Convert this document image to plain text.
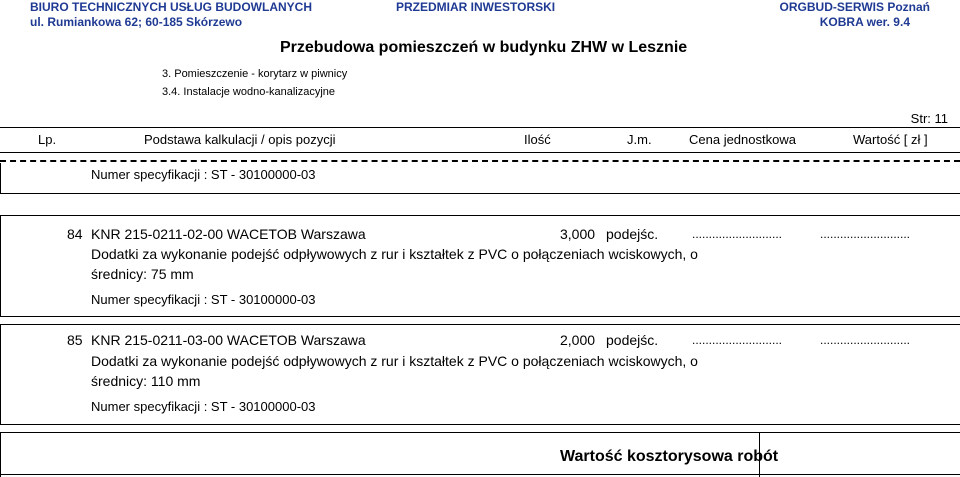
BIURO TECHNICZNYCH USŁUG BUDOWLANYCH
ul. Rumiankowa 62; 60-185 Skórzewo
PRZEDMIAR INWESTORSKI	ORGBUD-SERWIS Poznań
KOBRA wer. 9.4
Przebudowa pomieszczeń w budynku ZHW w Lesznie
3. Pomieszczenie - korytarz w piwnicy
3.4. Instalacje wodno-kanalizacyjne
Str: 11
Lp.	Podstawa kalkulacji / opis pozycji	Ilość	J.m.	Cena jednostkowa	Wartość [ zł ]
Numer specyfikacji : ST - 30100000-03
84 KNR 215-0211-02-00 WACETOB Warszawa	3,000 podejśc.	...........................	...........................
Dodatki za wykonanie podejść odpływowych z rur i kształtek z PVC o połączeniach wciskowych, o
średnicy: 75 mm
Numer specyfikacji : ST - 30100000-03
85 KNR 215-0211-03-00 WACETOB Warszawa	2,000 podejśc.	...........................	...........................
Dodatki za wykonanie podejść odpływowych z rur i kształtek z PVC o połączeniach wciskowych, o
średnicy: 110 mm
Numer specyfikacji : ST - 30100000-03
Wartość kosztorysowa robót
